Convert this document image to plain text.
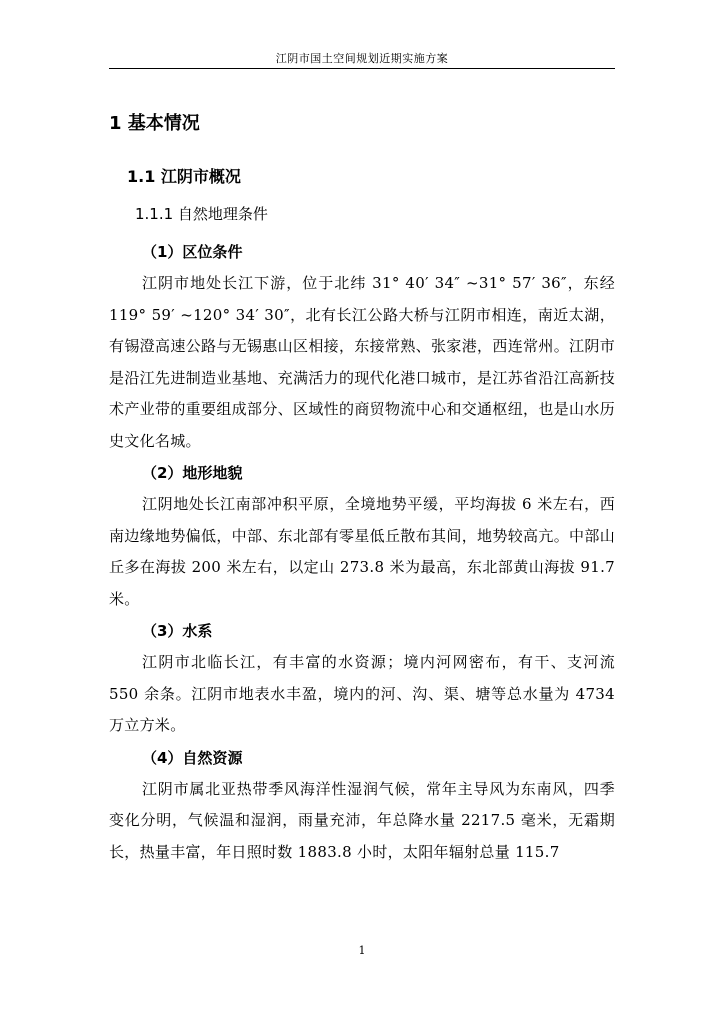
江阴市国土空间规划近期实施方案
1 基本情况
1.1 江阴市概况
1.1.1 自然地理条件
（1）区位条件

江阴市地处长江下游，位于北纬 31° 40′ 34″ ~31° 57′ 36″，东经 119° 59′ ~120° 34′ 30″，北有长江公路大桥与江阴市相连，南近太湖，有锡澄高速公路与无锡惠山区相接，东接常熟、张家港，西连常州。江阴市是沿江先进制造业基地、充满活力的现代化港口城市，是江苏省沿江高新技术产业带的重要组成部分、区域性的商贸物流中心和交通枢纽，也是山水历史文化名城。

（2）地形地貌

江阴地处长江南部冲积平原，全境地势平缓，平均海拔 6 米左右，西南边缘地势偏低，中部、东北部有零星低丘散布其间，地势较高亢。中部山丘多在海拔 200 米左右，以定山 273.8 米为最高，东北部黄山海拔 91.7 米。

（3）水系

江阴市北临长江，有丰富的水资源；境内河网密布，有干、支河流 550 余条。江阴市地表水丰盈，境内的河、沟、渠、塘等总水量为 4734 万立方米。

（4）自然资源

江阴市属北亚热带季风海洋性湿润气候，常年主导风为东南风，四季变化分明，气候温和湿润，雨量充沛，年总降水量 2217.5 毫米，无霜期长，热量丰富，年日照时数 1883.8 小时，太阳年辐射总量 115.7

1
